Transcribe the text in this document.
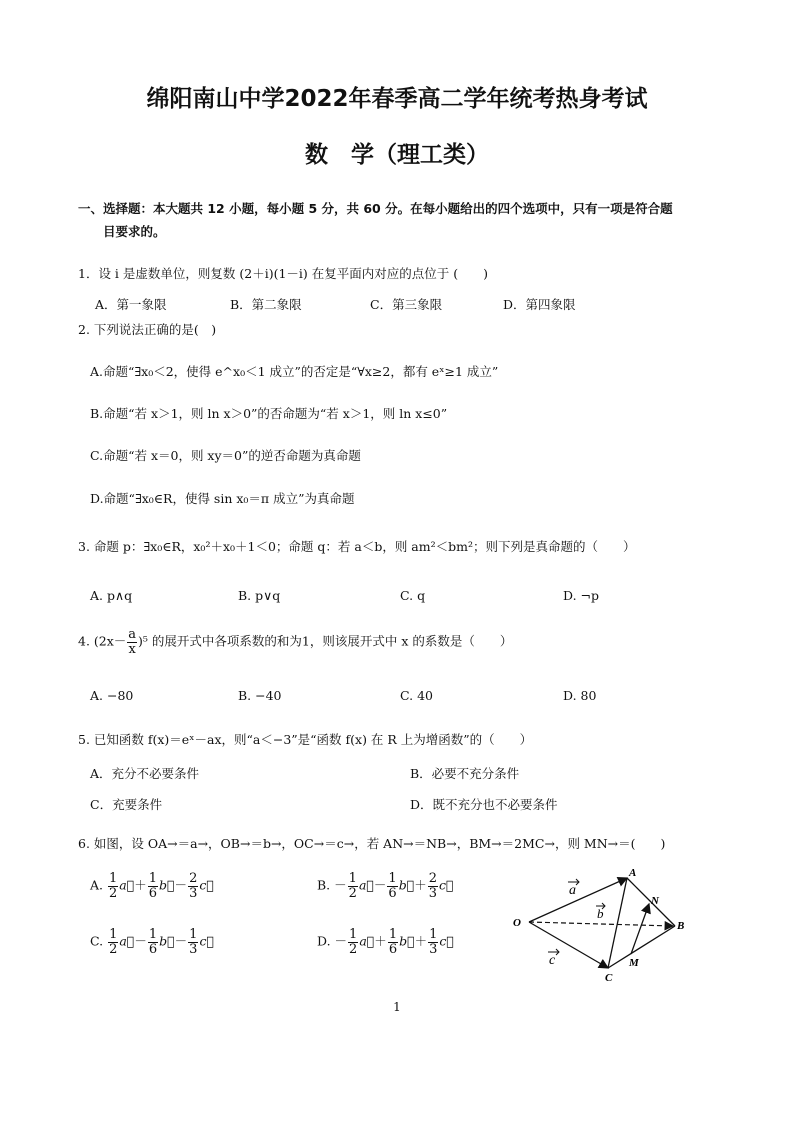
绵阳南山中学2022年春季高二学年统考热身考试
数　学（理工类）
一、选择题：本大题共 12 小题，每小题 5 分，共 60 分。在每小题给出的四个选项中，只有一项是符合题
目要求的。
1．设 i 是虚数单位，则复数 (2＋i)(1－i) 在复平面内对应的点位于 (　　)
A．第一象限	B．第二象限	C．第三象限	D．第四象限
2. 下列说法正确的是(　)
A.命题“∃x₀＜2，使得 e^x₀＜1 成立”的否定是“∀x≥2，都有 eˣ≥1 成立”
B.命题“若 x＞1，则 ln x＞0”的否命题为“若 x＞1，则 ln x≤0”
C.命题“若 x＝0，则 xy＝0”的逆否命题为真命题
D.命题“∃x₀∈R，使得 sin x₀＝π 成立”为真命题
3. 命题 p：∃x₀∈R，x₀²＋x₀＋1＜0；命题 q：若 a＜b，则 am²＜bm²；则下列是真命题的（　　）
A. p∧q	B. p∨q	C. q	D. ¬p
4. $(2x- \frac{a}{x} )^5$ 的展开式中各项系数的和为1，则该展开式中 x 的系数是（　　）
A. −80	B. −40	C. 40	D. 80
5. 已知函数 f(x)＝eˣ－ax，则“a＜−3”是“函数 f(x) 在 R 上为增函数”的（　　）
A．充分不必要条件	B．必要不充分条件
C．充要条件	D．既不充分也不必要条件
6. 如图，设 OA→＝a→，OB→＝b→，OC→＝c→，若 AN→＝NB→，BM→＝2MC→，则 MN→＝(　　)
A. $\frac{1}{2}$ a⃗＋ $\frac{1}{6}$ b⃗－ $\frac{2}{3}$ c⃗	B. － $\frac{1}{2}$ a⃗－ $\frac{1}{6}$ b⃗＋ $\frac{2}{3}$ c⃗
C. $\frac{1}{2}$ a⃗－ $\frac{1}{6}$ b⃗－ $\frac{1}{3}$ c⃗	D. － $\frac{1}{2}$ a⃗＋ $\frac{1}{6}$ b⃗＋ $\frac{1}{3}$ c⃗
O
A
B
C
M
N
a
b
c
1
